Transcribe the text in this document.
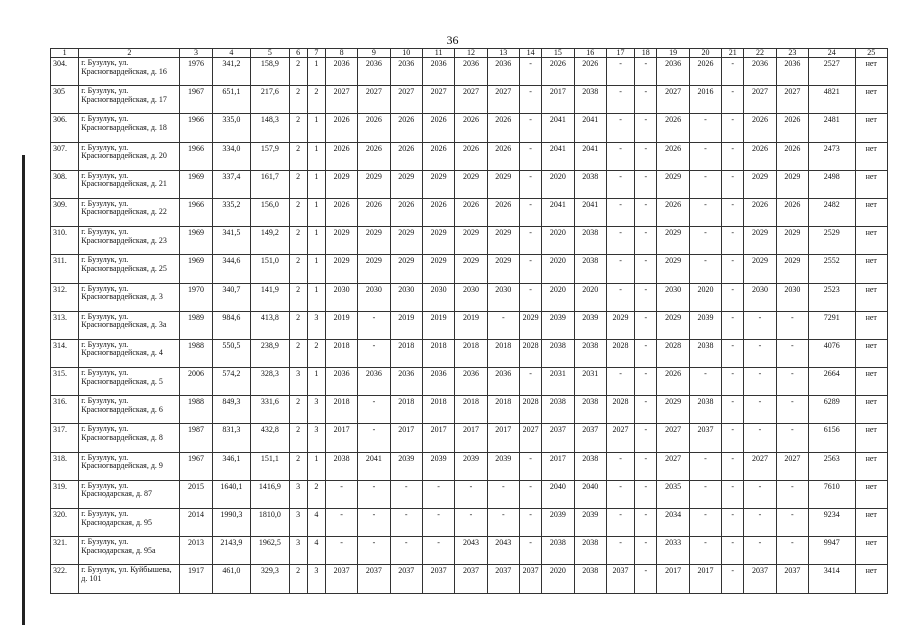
36
1	2	3	4	5	6	7	8	9	10	11	12	13	14	15	16	17	18	19	20	21	22	23	24	25
304.	г. Бузулук, ул. Красногвардейская, д. 16	1976	341,2	158,9	2	1	2036	2036	2036	2036	2036	2036	-	2026	2026	-	-	2036	2026	-	2036	2036	2527	нет
305	г. Бузулук, ул. Красногвардейская, д. 17	1967	651,1	217,6	2	2	2027	2027	2027	2027	2027	2027	-	2017	2038	-	-	2027	2016	-	2027	2027	4821	нет
306.	г. Бузулук, ул. Красногвардейская, д. 18	1966	335,0	148,3	2	1	2026	2026	2026	2026	2026	2026	-	2041	2041	-	-	2026	-	-	2026	2026	2481	нет
307.	г. Бузулук, ул. Красногвардейская, д. 20	1966	334,0	157,9	2	1	2026	2026	2026	2026	2026	2026	-	2041	2041	-	-	2026	-	-	2026	2026	2473	нет
308.	г. Бузулук, ул. Красногвардейская, д. 21	1969	337,4	161,7	2	1	2029	2029	2029	2029	2029	2029	-	2020	2038	-	-	2029	-	-	2029	2029	2498	нет
309.	г. Бузулук, ул. Красногвардейская, д. 22	1966	335,2	156,0	2	1	2026	2026	2026	2026	2026	2026	-	2041	2041	-	-	2026	-	-	2026	2026	2482	нет
310.	г. Бузулук, ул. Красногвардейская, д. 23	1969	341,5	149,2	2	1	2029	2029	2029	2029	2029	2029	-	2020	2038	-	-	2029	-	-	2029	2029	2529	нет
311.	г. Бузулук, ул. Красногвардейская, д. 25	1969	344,6	151,0	2	1	2029	2029	2029	2029	2029	2029	-	2020	2038	-	-	2029	-	-	2029	2029	2552	нет
312.	г. Бузулук, ул. Красногвардейская, д. 3	1970	340,7	141,9	2	1	2030	2030	2030	2030	2030	2030	-	2020	2020	-	-	2030	2020	-	2030	2030	2523	нет
313.	г. Бузулук, ул. Красногвардейская, д. 3а	1989	984,6	413,8	2	3	2019	-	2019	2019	2019	-	2029	2039	2039	2029	-	2029	2039	-	-	-	7291	нет
314.	г. Бузулук, ул. Красногвардейская, д. 4	1988	550,5	238,9	2	2	2018	-	2018	2018	2018	2018	2028	2038	2038	2028	-	2028	2038	-	-	-	4076	нет
315.	г. Бузулук, ул. Красногвардейская, д. 5	2006	574,2	328,3	3	1	2036	2036	2036	2036	2036	2036	-	2031	2031	-	-	2026	-	-	-	-	2664	нет
316.	г. Бузулук, ул. Красногвардейская, д. 6	1988	849,3	331,6	2	3	2018	-	2018	2018	2018	2018	2028	2038	2038	2028	-	2029	2038	-	-	-	6289	нет
317.	г. Бузулук, ул. Красногвардейская, д. 8	1987	831,3	432,8	2	3	2017	-	2017	2017	2017	2017	2027	2037	2037	2027	-	2027	2037	-	-	-	6156	нет
318.	г. Бузулук, ул. Красногвардейская, д. 9	1967	346,1	151,1	2	1	2038	2041	2039	2039	2039	2039	-	2017	2038	-	-	2027	-	-	2027	2027	2563	нет
319.	г. Бузулук, ул. Краснодарская, д. 87	2015	1640,1	1416,9	3	2	-	-	-	-	-	-	-	2040	2040	-	-	2035	-	-	-	-	7610	нет
320.	г. Бузулук, ул. Краснодарская, д. 95	2014	1990,3	1810,0	3	4	-	-	-	-	-	-	-	2039	2039	-	-	2034	-	-	-	-	9234	нет
321.	г. Бузулук, ул. Краснодарская, д. 95а	2013	2143,9	1962,5	3	4	-	-	-	-	2043	2043	-	2038	2038	-	-	2033	-	-	-	-	9947	нет
322.	г. Бузулук, ул. Куйбышева, д. 101	1917	461,0	329,3	2	3	2037	2037	2037	2037	2037	2037	2037	2020	2038	2037	-	2017	2017	-	2037	2037	3414	нет
